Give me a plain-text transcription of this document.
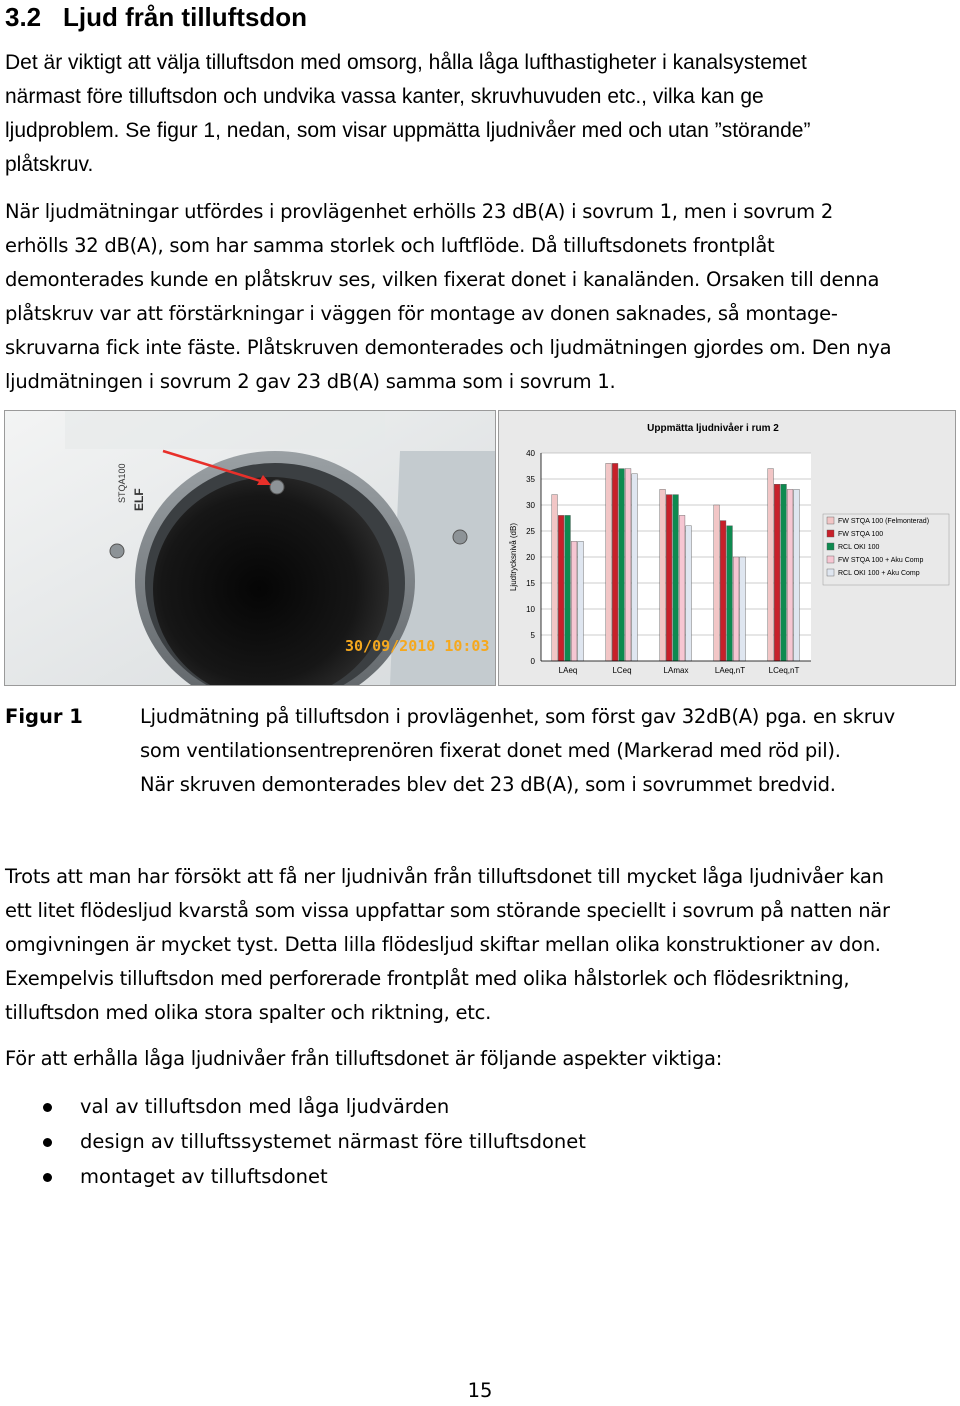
3.2 Ljud från tilluftsdon
Det är viktigt att välja tilluftsdon med omsorg, hålla låga lufthastigheter i kanalsystemet
närmast före tilluftsdon och undvika vassa kanter, skruvhuvuden etc., vilka kan ge
ljudproblem. Se figur 1, nedan, som visar uppmätta ljudnivåer med och utan ”störande”
plåtskruv.
När ljudmätningar utfördes i provlägenhet erhölls 23 dB(A) i sovrum 1, men i sovrum 2
erhölls 32 dB(A), som har samma storlek och luftflöde. Då tilluftsdonets frontplåt
demonterades kunde en plåtskruv ses, vilken fixerat donet i kanaländen. Orsaken till denna
plåtskruv var att förstärkningar i väggen för montage av donen saknades, så montage-
skruvarna fick inte fäste. Plåtskruven demonterades och ljudmätningen gjordes om. Den nya
ljudmätningen i sovrum 2 gav 23 dB(A) samma som i sovrum 1.
STQA100 ELF
30/09/2010 10:03
Uppmätta ljudnivåer i rum 2
0
5
10
15
20
25
30
35
40
LAeq	LCeq	LAmax	LAeq,nT	LCeq,nT
Ljudtrycksnivå (dB)
FW STQA 100 (Felmonterad)
FW STQA 100
RCL OKI 100
FW STQA 100 + Aku Comp
RCL OKI 100 + Aku Comp
Figur 1	Ljudmätning på tilluftsdon i provlägenhet, som först gav 32dB(A) pga. en skruv
som ventilationsentreprenören fixerat donet med (Markerad med röd pil).
När skruven demonterades blev det 23 dB(A), som i sovrummet bredvid.
Trots att man har försökt att få ner ljudnivån från tilluftsdonet till mycket låga ljudnivåer kan
ett litet flödesljud kvarstå som vissa uppfattar som störande speciellt i sovrum på natten när
omgivningen är mycket tyst. Detta lilla flödesljud skiftar mellan olika konstruktioner av don.
Exempelvis tilluftsdon med perforerade frontplåt med olika hålstorlek och flödesriktning,
tilluftsdon med olika stora spalter och riktning, etc.
För att erhålla låga ljudnivåer från tilluftsdonet är följande aspekter viktiga:
val av tilluftsdon med låga ljudvärden
design av tilluftssystemet närmast före tilluftsdonet
montaget av tilluftsdonet
15
